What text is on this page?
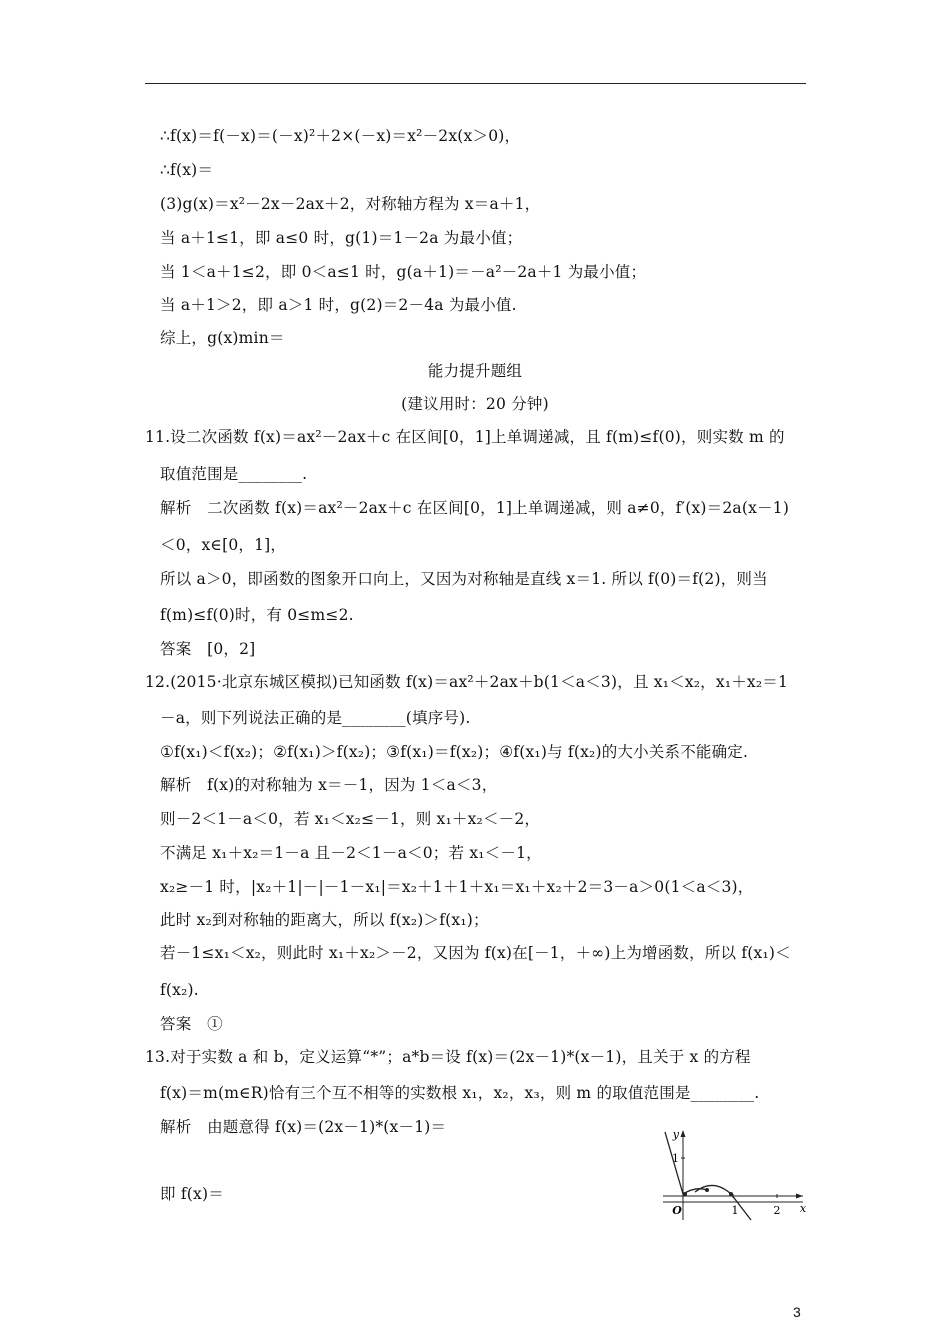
∴f(x)＝f(－x)＝(－x)²＋2×(－x)＝x²－2x(x＞0)，
∴f(x)＝
(3)g(x)＝x²－2x－2ax＋2，对称轴方程为 x＝a＋1，
当 a＋1≤1，即 a≤0 时，g(1)＝1－2a 为最小值；
当 1＜a＋1≤2，即 0＜a≤1 时，g(a＋1)＝－a²－2a＋1 为最小值；
当 a＋1＞2，即 a＞1 时，g(2)＝2－4a 为最小值.
综上，g(x)min＝
能力提升题组
(建议用时：20 分钟)
11.设二次函数 f(x)＝ax²－2ax＋c 在区间[0，1]上单调递减，且 f(m)≤f(0)，则实数 m 的
取值范围是________.
解析　二次函数 f(x)＝ax²－2ax＋c 在区间[0，1]上单调递减，则 a≠0，f′(x)＝2a(x－1)
＜0，x∈[0，1]，
所以 a＞0，即函数的图象开口向上，又因为对称轴是直线 x＝1. 所以 f(0)＝f(2)，则当
f(m)≤f(0)时，有 0≤m≤2.
答案　[0，2]
12.(2015·北京东城区模拟)已知函数 f(x)＝ax²＋2ax＋b(1＜a＜3)，且 x₁＜x₂，x₁＋x₂＝1
－a，则下列说法正确的是________(填序号).
①f(x₁)＜f(x₂)；②f(x₁)＞f(x₂)；③f(x₁)＝f(x₂)；④f(x₁)与 f(x₂)的大小关系不能确定.
解析　f(x)的对称轴为 x＝－1，因为 1＜a＜3，
则－2＜1－a＜0，若 x₁＜x₂≤－1，则 x₁＋x₂＜－2，
不满足 x₁＋x₂＝1－a 且－2＜1－a＜0；若 x₁＜－1，
x₂≥－1 时，|x₂＋1|－|－1－x₁|＝x₂＋1＋1＋x₁＝x₁＋x₂＋2＝3－a＞0(1＜a＜3)，
此时 x₂到对称轴的距离大，所以 f(x₂)＞f(x₁)；
若－1≤x₁＜x₂，则此时 x₁＋x₂＞－2，又因为 f(x)在[－1，＋∞)上为增函数，所以 f(x₁)＜
f(x₂).
答案　①
13.对于实数 a 和 b，定义运算“*”；a*b＝设 f(x)＝(2x－1)*(x－1)，且关于 x 的方程
f(x)＝m(m∈R)恰有三个互不相等的实数根 x₁，x₂，x₃，则 m 的取值范围是________.
解析　由题意得 f(x)＝(2x－1)*(x－1)＝
即 f(x)＝
y
x
O
1
1	2
3
